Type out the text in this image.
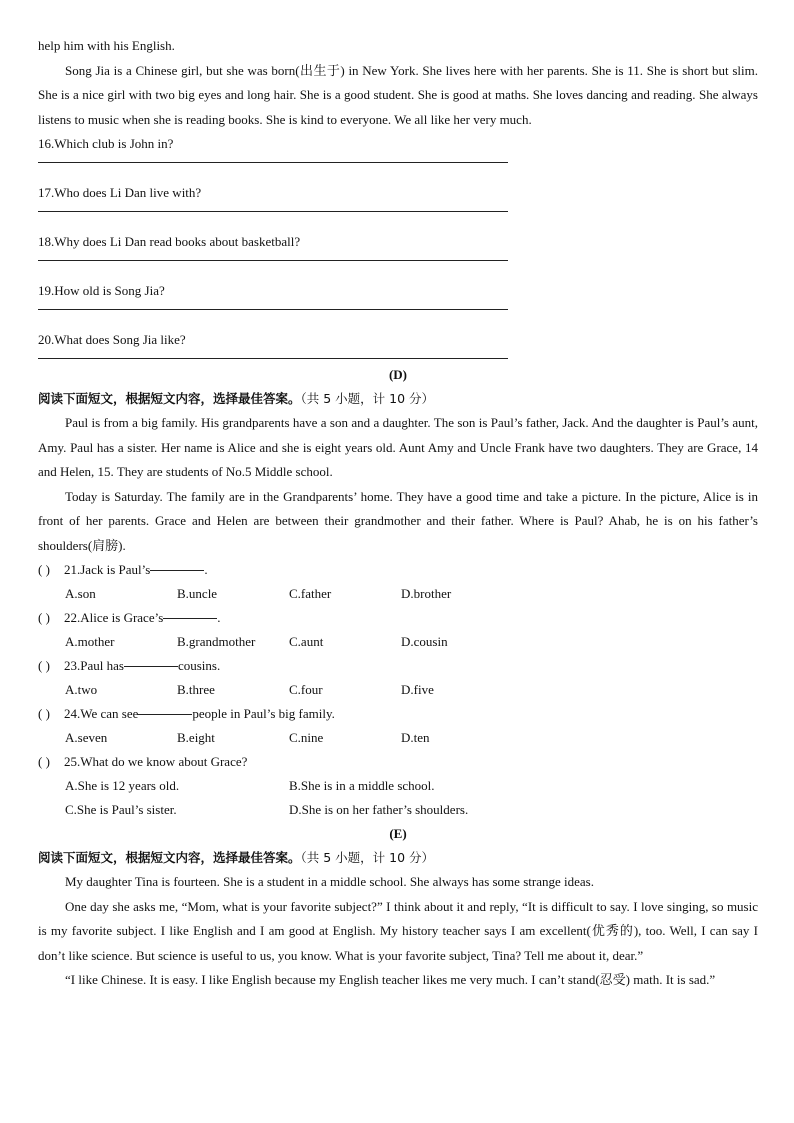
help him with his English.

Song Jia is a Chinese girl, but she was born(出生于) in New York. She lives here with her parents. She is 11. She is short but slim. She is a nice girl with two big eyes and long hair. She is a good student. She is good at maths. She loves dancing and reading. She always listens to music when she is reading books. She is kind to everyone. We all like her very much.

16.Which club is John in?

17.Who does Li Dan live with?

18.Why does Li Dan read books about basketball?

19.How old is Song Jia?

20.What does Song Jia like?

(D)
阅读下面短文，根据短文内容，选择最佳答案。（共 5 小题，计 10 分）

Paul is from a big family. His grandparents have a son and a daughter. The son is Paul’s father, Jack. And the daughter is Paul’s aunt, Amy. Paul has a sister. Her name is Alice and she is eight years old. Aunt Amy and Uncle Frank have two daughters. They are Grace, 14 and Helen, 15. They are students of No.5 Middle school.

Today is Saturday. The family are in the Grandparents’ home. They have a good time and take a picture. In the picture, Alice is in front of her parents. Grace and Helen are between their grandmother and their father. Where is Paul? Ahab, he is on his father’s shoulders(肩膀).

( )	21.Jack is Paul’s	.
A.son	B.uncle	C.father	D.brother
( )	22.Alice is Grace’s	.
A.mother	B.grandmother	C.aunt	D.cousin
( )	23.Paul has	cousins.
A.two	B.three	C.four	D.five
( )	24.We can see	people in Paul’s big family.
A.seven	B.eight	C.nine	D.ten
( )	25.What do we know about Grace?
A.She is 12 years old.	B.She is in a middle school.
C.She is Paul’s sister.	D.She is on her father’s shoulders.
(E)
阅读下面短文，根据短文内容，选择最佳答案。（共 5 小题，计 10 分）

My daughter Tina is fourteen. She is a student in a middle school. She always has some strange ideas.

One day she asks me, “Mom, what is your favorite subject?” I think about it and reply, “It is difficult to say. I love singing, so music is my favorite subject. I like English and I am good at English. My history teacher says I am excellent(优秀的), too. Well, I can say I don’t like science. But science is useful to us, you know. What is your favorite subject, Tina? Tell me about it, dear.”

“I like Chinese. It is easy. I like English because my English teacher likes me very much. I can’t stand(忍受) math. It is sad.”
